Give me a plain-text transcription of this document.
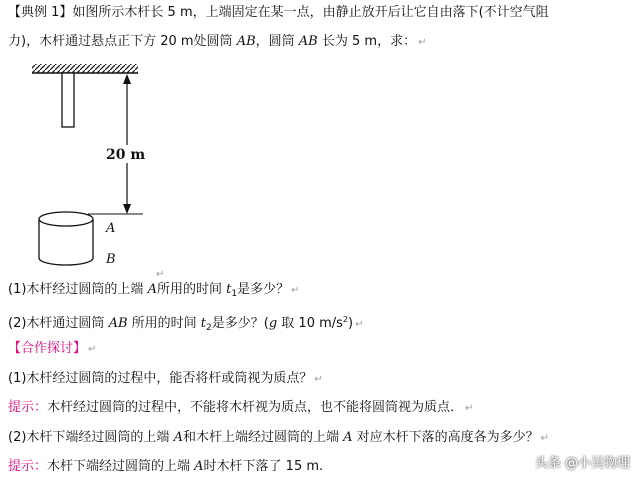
【典例 1】如图所示木杆长 5 m，上端固定在某一点，由静止放开后让它自由落下(不计空气阻
力)，木杆通过悬点正下方 20 m处圆筒 AB，圆筒 AB 长为 5 m，求： ↵
20 m
A
B
↵
(1)木杆经过圆筒的上端 A所用的时间 $t_1$是多少？ ↵
(2)木杆通过圆筒 AB 所用的时间 $t_2$是多少？(g 取 10 $m/s^2$) ↵
【合作探讨】 ↵
(1)木杆经过圆筒的过程中，能否将杆或筒视为质点？ ↵
提示：木杆经过圆筒的过程中，不能将木杆视为质点，也不能将圆筒视为质点． ↵
(2)木杆下端经过圆筒的上端 A和木杆上端经过圆筒的上端 A 对应木杆下落的高度各为多少？ ↵
提示：木杆下端经过圆筒的上端 A时木杆下落了 15 m.	头条 @小吴物理
